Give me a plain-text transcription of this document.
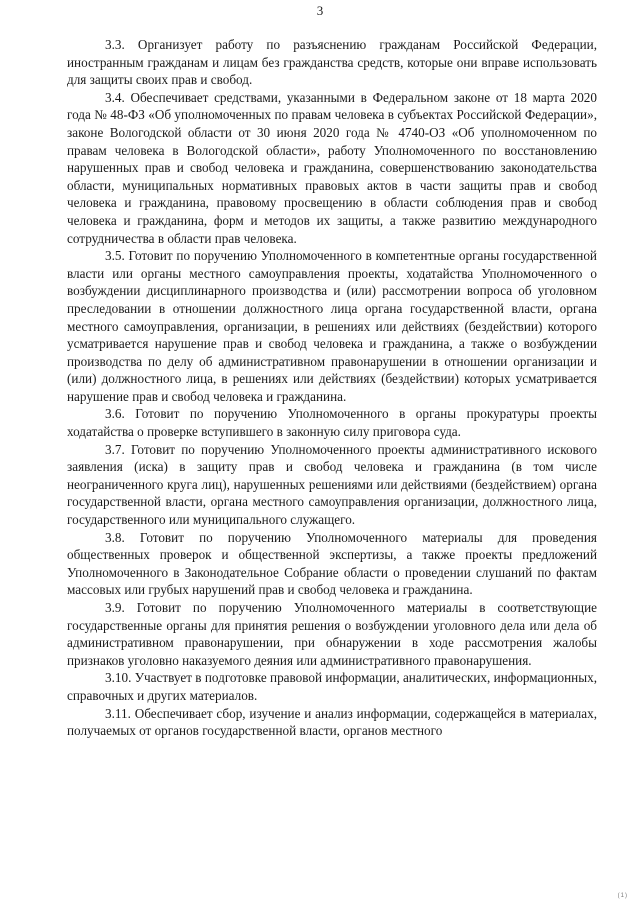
3

3.3. Организует работу по разъяснению гражданам Российской Федерации, иностранным гражданам и лицам без гражданства средств, которые они вправе использовать для защиты своих прав и свобод.

3.4. Обеспечивает средствами, указанными в Федеральном законе от 18 марта 2020 года № 48-ФЗ «Об уполномоченных по правам человека в субъектах Российской Федерации», законе Вологодской области от 30 июня 2020 года № 4740-ОЗ «Об уполномоченном по правам человека в Вологодской области», работу Уполномоченного по восстановлению нарушенных прав и свобод человека и гражданина, совершенствованию законодательства области, муниципальных нормативных правовых актов в части защиты прав и свобод человека и гражданина, правовому просвещению в области соблюдения прав и свобод человека и гражданина, форм и методов их защиты, а также развитию международного сотрудничества в области прав человека.

3.5. Готовит по поручению Уполномоченного в компетентные органы государственной власти или органы местного самоуправления проекты, ходатайства Уполномоченного о возбуждении дисциплинарного производства и (или) рассмотрении вопроса об уголовном преследовании в отношении должностного лица органа государственной власти, органа местного самоуправления, организации, в решениях или действиях (бездействии) которого усматривается нарушение прав и свобод человека и гражданина, а также о возбуждении производства по делу об административном правонарушении в отношении организации и (или) должностного лица, в решениях или действиях (бездействии) которых усматривается нарушение прав и свобод человека и гражданина.

3.6. Готовит по поручению Уполномоченного в органы прокуратуры проекты ходатайства о проверке вступившего в законную силу приговора суда.

3.7. Готовит по поручению Уполномоченного проекты административного искового заявления (иска) в защиту прав и свобод человека и гражданина (в том числе неограниченного круга лиц), нарушенных решениями или действиями (бездействием) органа государственной власти, органа местного самоуправления организации, должностного лица, государственного или муниципального служащего.

3.8. Готовит по поручению Уполномоченного материалы для проведения общественных проверок и общественной экспертизы, а также проекты предложений Уполномоченного в Законодательное Собрание области о проведении слушаний по фактам массовых или грубых нарушений прав и свобод человека и гражданина.

3.9. Готовит по поручению Уполномоченного материалы в соответствующие государственные органы для принятия решения о возбуждении уголовного дела или дела об административном правонарушении, при обнаружении в ходе рассмотрения жалобы признаков уголовно наказуемого деяния или административного правонарушения.

3.10. Участвует в подготовке правовой информации, аналитических, информационных, справочных и других материалов.

3.11. Обеспечивает сбор, изучение и анализ информации, содержащейся в материалах, получаемых от органов государственной власти, органов местного

(1)
